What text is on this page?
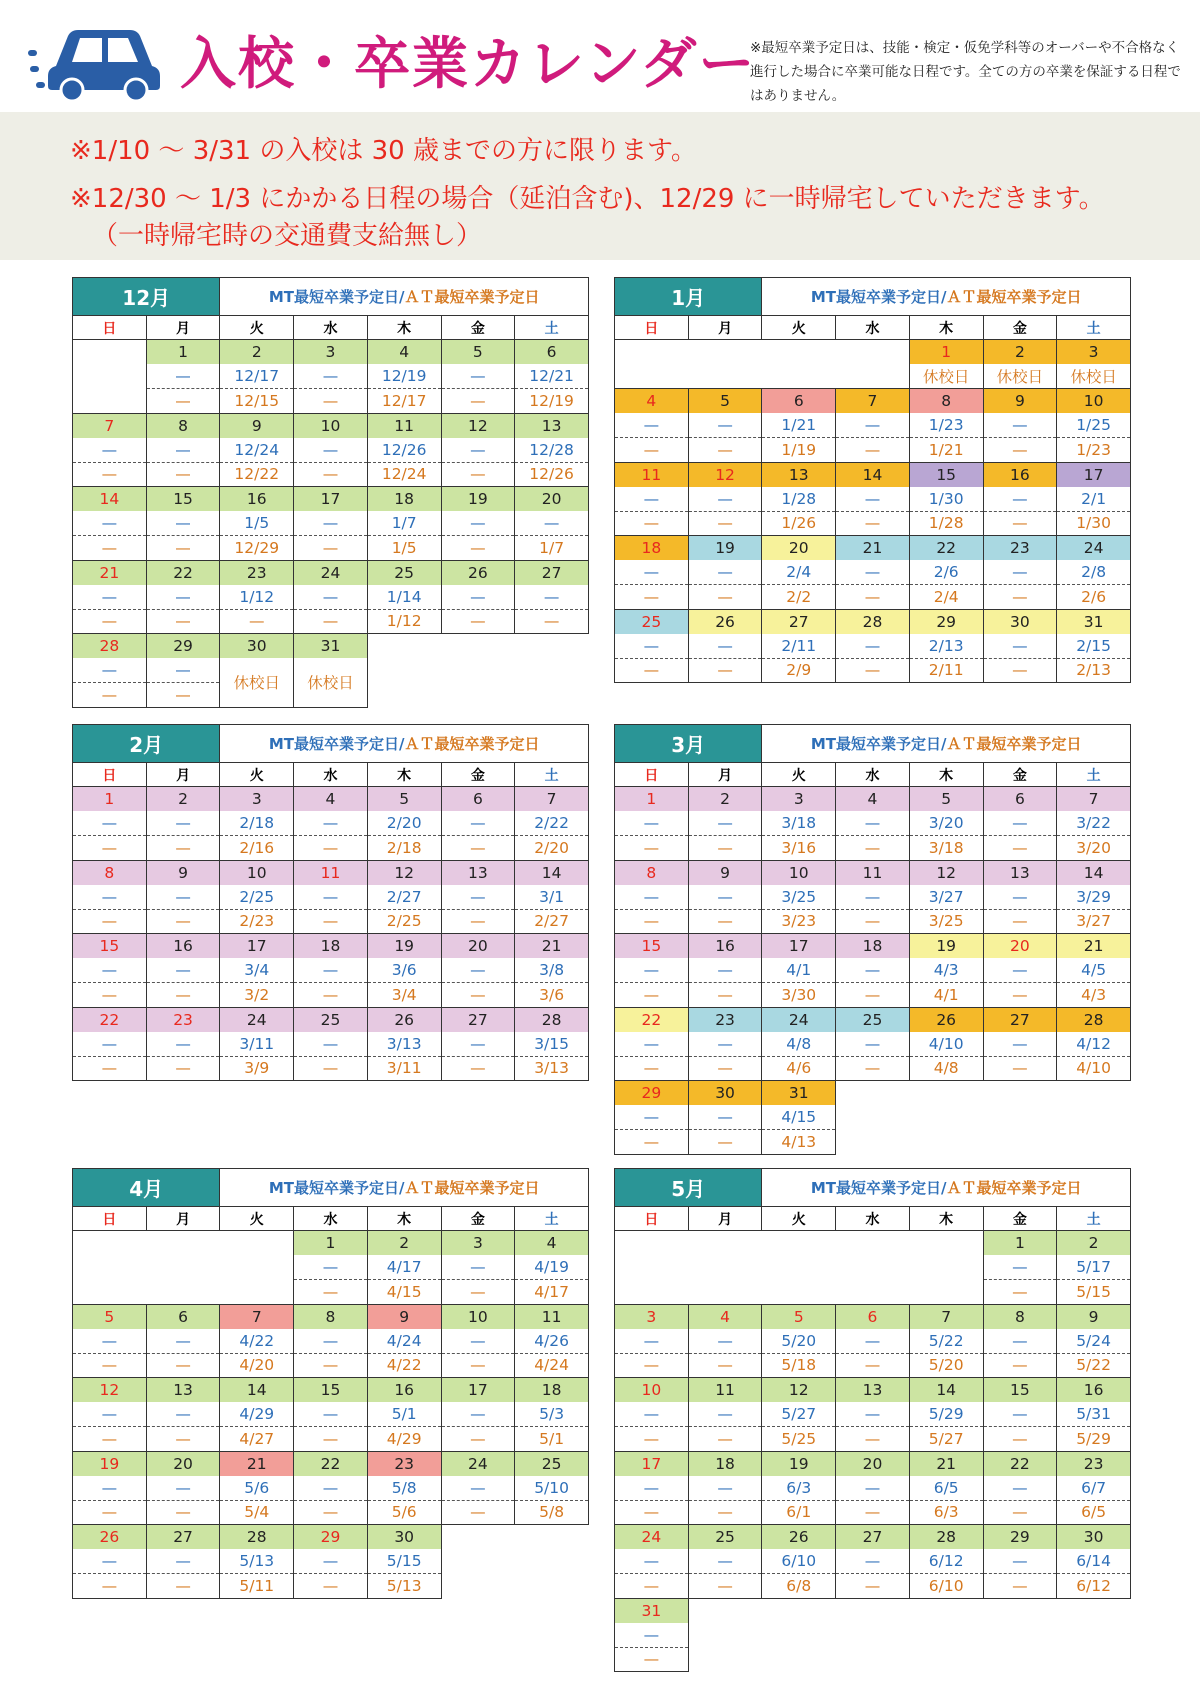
入校・卒業カレンダー
※最短卒業予定日は、技能・検定・仮免学科等のオーバーや不合格なく進行した場合に卒業可能な日程です。全ての方の卒業を保証する日程ではありません。
※1/10 〜 3/31 の入校は 30 歳までの方に限ります。
※12/30 〜 1/3 にかかる日程の場合（延泊含む)、12/29 に一時帰宅していただきます。
（一時帰宅時の交通費支給無し）
12月		MT最短卒業予定日/ＡＴ最短卒業予定日				
日	月	火	水	木	金	土
	1	2	3	4	5	6
	—	12/17	—	12/19	—	12/21
	—	12/15	—	12/17	—	12/19
7	8	9	10	11	12	13
—	—	12/24	—	12/26	—	12/28
—	—	12/22	—	12/24	—	12/26
14	15	16	17	18	19	20
—	—	1/5	—	1/7	—	—
—	—	12/29	—	1/5	—	1/7
21	22	23	24	25	26	27
—	—	1/12	—	1/14	—	—
—	—	—	—	1/12	—	—
28	29	30	31			
—	—	休校日	休校日			
—	—					
1月		MT最短卒業予定日/ＡＴ最短卒業予定日				
日	月	火	水	木	金	土
				1	2	3
				休校日	休校日	休校日

4	5	6	7	8	9	10
—	—	1/21	—	1/23	—	1/25
—	—	1/19	—	1/21	—	1/23
11	12	13	14	15	16	17
—	—	1/28	—	1/30	—	2/1
—	—	1/26	—	1/28	—	1/30
18	19	20	21	22	23	24
—	—	2/4	—	2/6	—	2/8
—	—	2/2	—	2/4	—	2/6
25	26	27	28	29	30	31
—	—	2/11	—	2/13	—	2/15
—	—	2/9	—	2/11	—	2/13
2月		MT最短卒業予定日/ＡＴ最短卒業予定日				
日	月	火	水	木	金	土
1	2	3	4	5	6	7
—	—	2/18	—	2/20	—	2/22
—	—	2/16	—	2/18	—	2/20
8	9	10	11	12	13	14
—	—	2/25	—	2/27	—	3/1
—	—	2/23	—	2/25	—	2/27
15	16	17	18	19	20	21
—	—	3/4	—	3/6	—	3/8
—	—	3/2	—	3/4	—	3/6
22	23	24	25	26	27	28
—	—	3/11	—	3/13	—	3/15
—	—	3/9	—	3/11	—	3/13
3月		MT最短卒業予定日/ＡＴ最短卒業予定日				
日	月	火	水	木	金	土
1	2	3	4	5	6	7
—	—	3/18	—	3/20	—	3/22
—	—	3/16	—	3/18	—	3/20
8	9	10	11	12	13	14
—	—	3/25	—	3/27	—	3/29
—	—	3/23	—	3/25	—	3/27
15	16	17	18	19	20	21
—	—	4/1	—	4/3	—	4/5
—	—	3/30	—	4/1	—	4/3
22	23	24	25	26	27	28
—	—	4/8	—	4/10	—	4/12
—	—	4/6	—	4/8	—	4/10
29	30	31				
—	—	4/15				
—	—	4/13				
4月		MT最短卒業予定日/ＡＴ最短卒業予定日				
日	月	火	水	木	金	土
			1	2	3	4
			—	4/17	—	4/19
			—	4/15	—	4/17
5	6	7	8	9	10	11
—	—	4/22	—	4/24	—	4/26
—	—	4/20	—	4/22	—	4/24
12	13	14	15	16	17	18
—	—	4/29	—	5/1	—	5/3
—	—	4/27	—	4/29	—	5/1
19	20	21	22	23	24	25
—	—	5/6	—	5/8	—	5/10
—	—	5/4	—	5/6	—	5/8
26	27	28	29	30		
—	—	5/13	—	5/15		
—	—	5/11	—	5/13		
5月		MT最短卒業予定日/ＡＴ最短卒業予定日				
日	月	火	水	木	金	土
					1	2
					—	5/17
					—	5/15
3	4	5	6	7	8	9
—	—	5/20	—	5/22	—	5/24
—	—	5/18	—	5/20	—	5/22
10	11	12	13	14	15	16
—	—	5/27	—	5/29	—	5/31
—	—	5/25	—	5/27	—	5/29
17	18	19	20	21	22	23
—	—	6/3	—	6/5	—	6/7
—	—	6/1	—	6/3	—	6/5
24	25	26	27	28	29	30
—	—	6/10	—	6/12	—	6/14
—	—	6/8	—	6/10	—	6/12
31						
—						
—						
